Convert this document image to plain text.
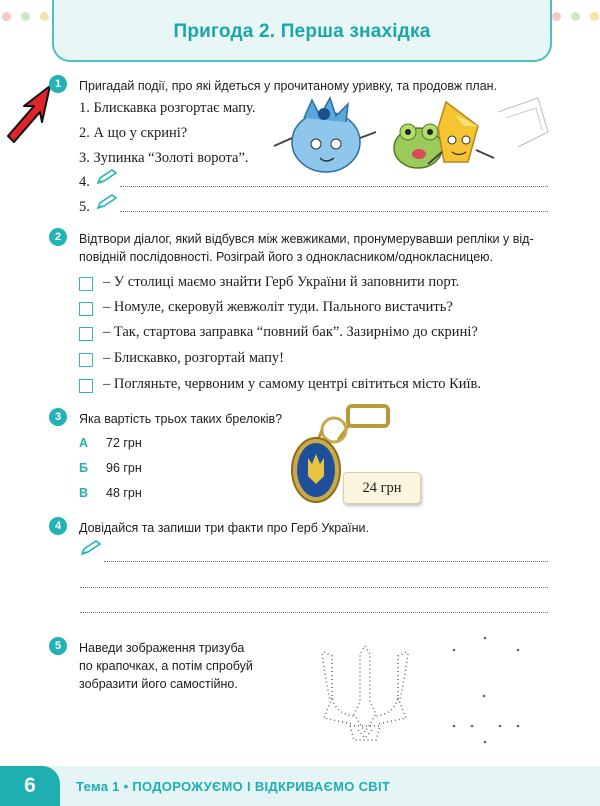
Пригода 2. Перша знахідка
1	Пригадай події, про які йдеться у прочитаному уривку, та продовж план.
1. Блискавка розгортає мапу.
2. А що у скрині?
3. Зупинка “Золоті ворота”.
4.
5.
2	Відтвори діалог, який відбувся між жевжиками, пронумерувавши репліки у від-
повідній послідовності. Розіграй його з однокласником/однокласницею.
– У столиці маємо знайти Герб України й заповнити порт.
– Номуле, скеровуй жевжоліт туди. Пального вистачить?
– Так, стартова заправка “повний бак”. Зазирнімо до скрині?
– Блискавко, розгортай мапу!
– Погляньте, червоним у самому центрі світиться місто Київ.
3	Яка вартість трьох таких брелоків?
А 72 грн
Б 96 грн
В 48 грн	24 грн
4	Довідайся та запиши три факти про Герб України.
5	Наведи зображення тризуба
по крапочках, а потім спробуй
зобразити його самостійно.
6	Тема 1 • ПОДОРОЖУЄМО І ВІДКРИВАЄМО СВІТ
